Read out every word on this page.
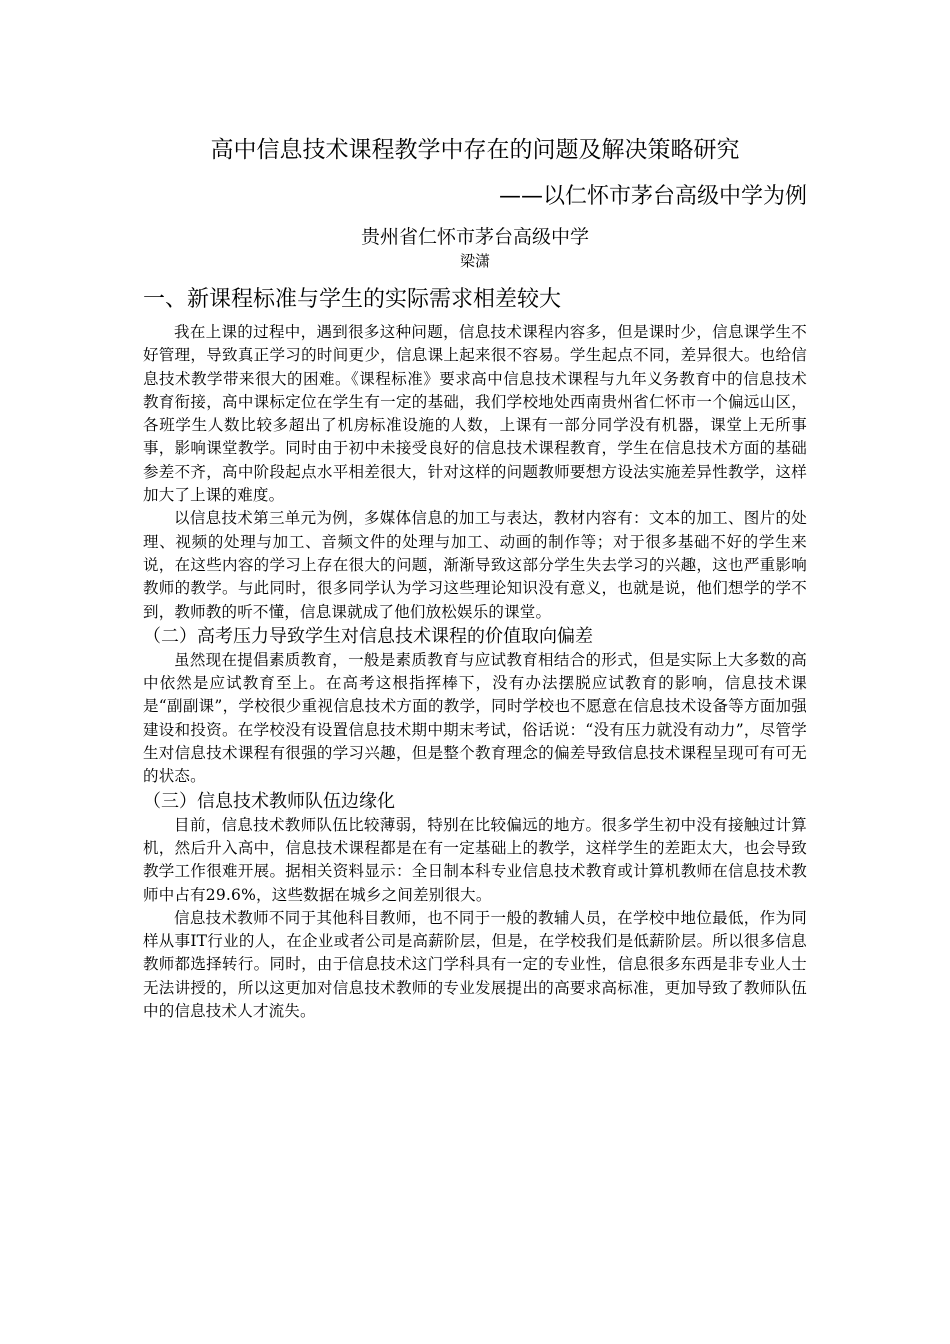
高中信息技术课程教学中存在的问题及解决策略研究
——以仁怀市茅台高级中学为例

贵州省仁怀市茅台高级中学

梁潇

一、新课程标准与学生的实际需求相差较大

我在上课的过程中，遇到很多这种问题，信息技术课程内容多，但是课时少，信息课学生不好管理，导致真正学习的时间更少，信息课上起来很不容易。学生起点不同，差异很大。也给信息技术教学带来很大的困难。《课程标准》要求高中信息技术课程与九年义务教育中的信息技术教育衔接，高中课标定位在学生有一定的基础，我们学校地处西南贵州省仁怀市一个偏远山区，各班学生人数比较多超出了机房标准设施的人数，上课有一部分同学没有机器，课堂上无所事事，影响课堂教学。同时由于初中未接受良好的信息技术课程教育，学生在信息技术方面的基础参差不齐，高中阶段起点水平相差很大，针对这样的问题教师要想方设法实施差异性教学，这样加大了上课的难度。

以信息技术第三单元为例，多媒体信息的加工与表达，教材内容有：文本的加工、图片的处理、视频的处理与加工、音频文件的处理与加工、动画的制作等；对于很多基础不好的学生来说，在这些内容的学习上存在很大的问题，渐渐导致这部分学生失去学习的兴趣，这也严重影响教师的教学。与此同时，很多同学认为学习这些理论知识没有意义，也就是说，他们想学的学不到，教师教的听不懂，信息课就成了他们放松娱乐的课堂。

（二）高考压力导致学生对信息技术课程的价值取向偏差

虽然现在提倡素质教育，一般是素质教育与应试教育相结合的形式，但是实际上大多数的高中依然是应试教育至上。在高考这根指挥棒下，没有办法摆脱应试教育的影响，信息技术课是“副副课”，学校很少重视信息技术方面的教学，同时学校也不愿意在信息技术设备等方面加强建设和投资。在学校没有设置信息技术期中期末考试，俗话说：“没有压力就没有动力”，尽管学生对信息技术课程有很强的学习兴趣，但是整个教育理念的偏差导致信息技术课程呈现可有可无的状态。

（三）信息技术教师队伍边缘化

目前，信息技术教师队伍比较薄弱，特别在比较偏远的地方。很多学生初中没有接触过计算机，然后升入高中，信息技术课程都是在有一定基础上的教学，这样学生的差距太大，也会导致教学工作很难开展。据相关资料显示：全日制本科专业信息技术教育或计算机教师在信息技术教师中占有29.6%，这些数据在城乡之间差别很大。

信息技术教师不同于其他科目教师，也不同于一般的教辅人员，在学校中地位最低，作为同样从事IT行业的人，在企业或者公司是高薪阶层，但是，在学校我们是低薪阶层。所以很多信息教师都选择转行。同时，由于信息技术这门学科具有一定的专业性，信息很多东西是非专业人士无法讲授的，所以这更加对信息技术教师的专业发展提出的高要求高标准，更加导致了教师队伍中的信息技术人才流失。
